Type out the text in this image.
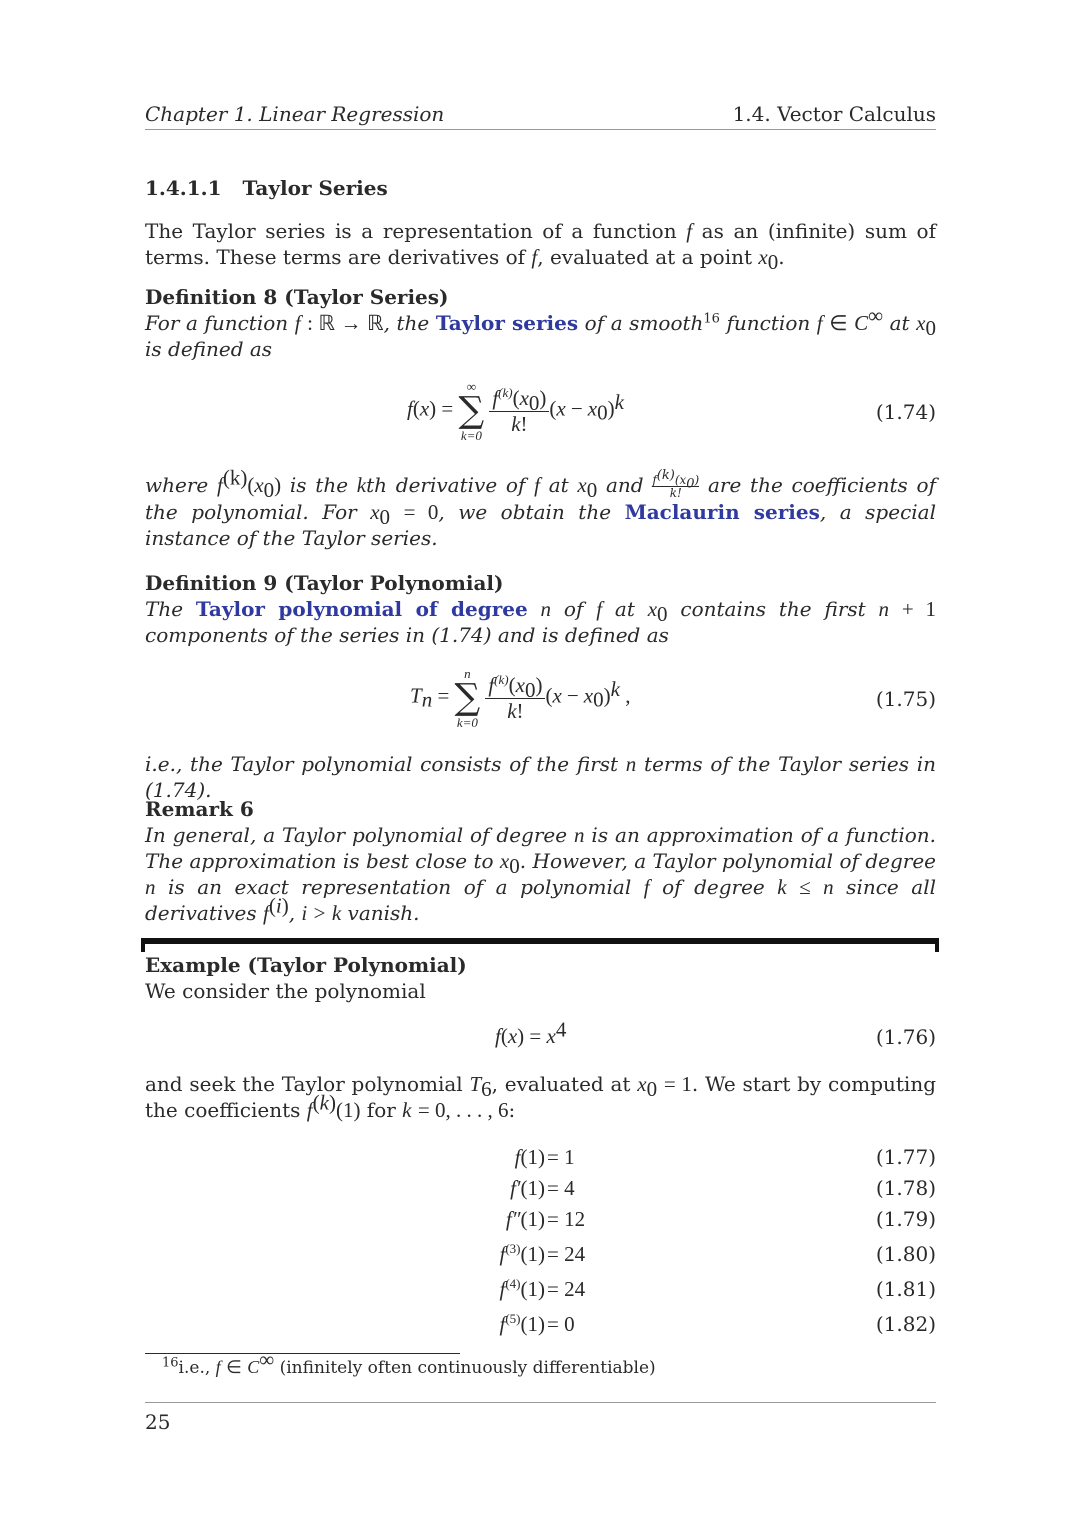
Chapter 1. Linear Regression	1.4. Vector Calculus
1.4.1.1 Taylor Series

The Taylor series is a representation of a function f as an (infinite) sum of terms. These terms are derivatives of f, evaluated at a point $x_0$.

Definition 8 (Taylor Series)

For a function f : ℝ → ℝ, the Taylor series of a smooth$^{16}$ function f ∈ C∞ at $x_0$ is defined as

f(x) =
∞
∑
k=0
$\frac{f^{(k)}(x_0)}{k!} (x - x_0)^k$	(1.74)

where $f^{(k)}(x_0)$ is the kth derivative of f at $x_0$ and $\frac{f^{(k)}(x_0)}{k!}$ are the coefficients of the polynomial. For $x_0 = 0$, we obtain the Maclaurin series, a special instance of the Taylor series.

Definition 9 (Taylor Polynomial)

The Taylor polynomial of degree n of f at $x_0$ contains the first n + 1 components of the series in (1.74) and is defined as

$T_n$ =
n
∑
k=0
$\frac{f^{(k)}(x_0)}{k!} (x - x_0)^k$ ,	(1.75)

i.e., the Taylor polynomial consists of the first n terms of the Taylor series in (1.74).

Remark 6

In general, a Taylor polynomial of degree n is an approximation of a function. The approximation is best close to $x_0$. However, a Taylor polynomial of degree n is an exact representation of a polynomial f of degree k ≤ n since all derivatives $f^{(i)}$, i > k vanish.

Example (Taylor Polynomial)

We consider the polynomial

$f(x) = x^4$	(1.76)

and seek the Taylor polynomial $T_6$, evaluated at $x_0 = 1$. We start by computing the coefficients $f^{(k)}(1)$ for k = 0, . . . , 6:

f(1) = 1	(1.77)
f′(1) = 4	(1.78)
f″(1) = 12	(1.79)
$f^{(3)}(1) = 24$	(1.80)
$f^{(4)}(1) = 24$	(1.81)
$f^{(5)}(1) = 0$	(1.82)
$^{16}$i.e., f ∈ C∞ (infinitely often continuously differentiable)
25
